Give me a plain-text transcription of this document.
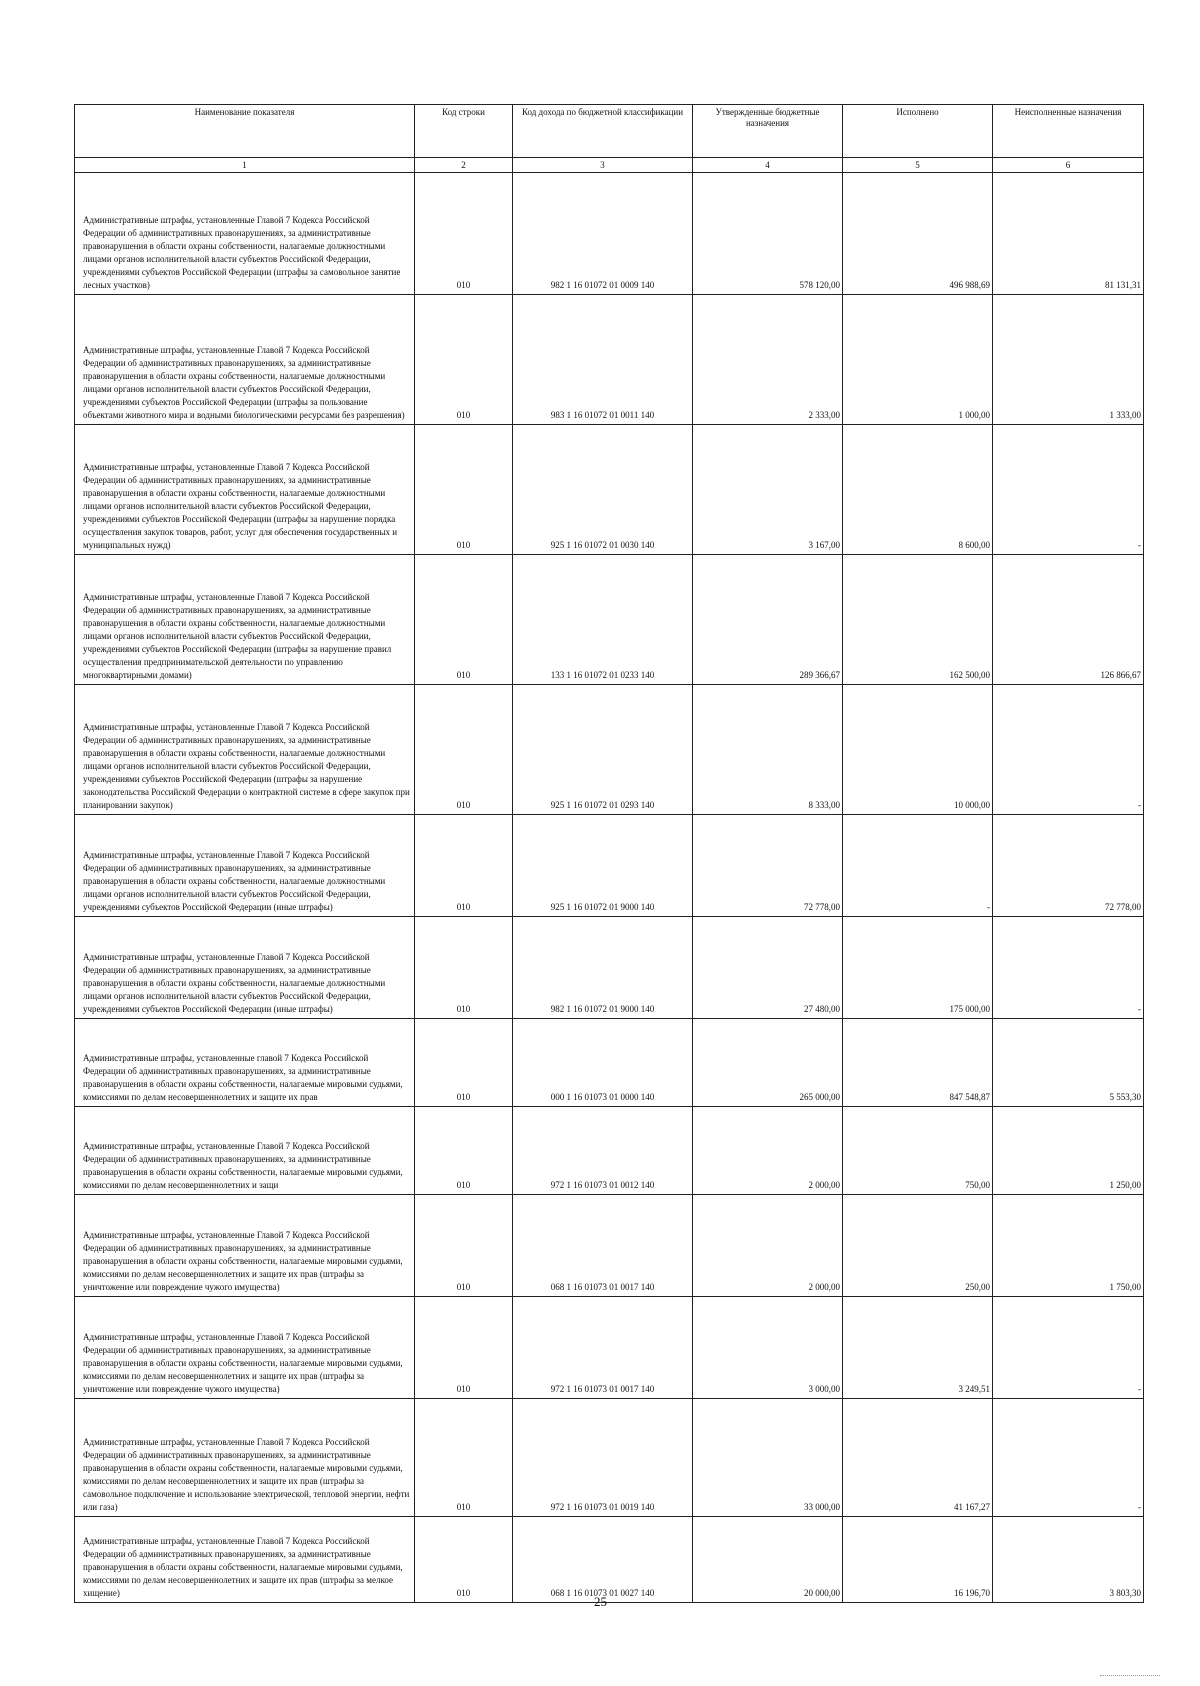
Наименование показателя	Код строки	Код дохода по бюджетной классификации	Утвержденные бюджетные назначения	Исполнено	Неисполненные назначения
1	2	3	4	5	6
Административные штрафы, установленные Главой 7 Кодекса Российской Федерации об административных правонарушениях, за административные правонарушения в области охраны собственности, налагаемые должностными лицами органов исполнительной власти субъектов Российской Федерации, учреждениями субъектов Российской Федерации (штрафы за самовольное занятие лесных участков)	010	982 1 16 01072 01 0009 140	578 120,00	496 988,69	81 131,31
Административные штрафы, установленные Главой 7 Кодекса Российской Федерации об административных правонарушениях, за административные правонарушения в области охраны собственности, налагаемые должностными лицами органов исполнительной власти субъектов Российской Федерации, учреждениями субъектов Российской Федерации (штрафы за пользование объектами животного мира и водными биологическими ресурсами без разрешения)	010	983 1 16 01072 01 0011 140	2 333,00	1 000,00	1 333,00
Административные штрафы, установленные Главой 7 Кодекса Российской Федерации об административных правонарушениях, за административные правонарушения в области охраны собственности, налагаемые должностными лицами органов исполнительной власти субъектов Российской Федерации, учреждениями субъектов Российской Федерации (штрафы за нарушение порядка осуществления закупок товаров, работ, услуг для обеспечения государственных и муниципальных нужд)	010	925 1 16 01072 01 0030 140	3 167,00	8 600,00	-
Административные штрафы, установленные Главой 7 Кодекса Российской Федерации об административных правонарушениях, за административные правонарушения в области охраны собственности, налагаемые должностными лицами органов исполнительной власти субъектов Российской Федерации, учреждениями субъектов Российской Федерации (штрафы за нарушение правил осуществления предпринимательской деятельности по управлению многоквартирными домами)	010	133 1 16 01072 01 0233 140	289 366,67	162 500,00	126 866,67
Административные штрафы, установленные Главой 7 Кодекса Российской Федерации об административных правонарушениях, за административные правонарушения в области охраны собственности, налагаемые должностными лицами органов исполнительной власти субъектов Российской Федерации, учреждениями субъектов Российской Федерации (штрафы за нарушение законодательства Российской Федерации о контрактной системе в сфере закупок при планировании закупок)	010	925 1 16 01072 01 0293 140	8 333,00	10 000,00	-
Административные штрафы, установленные Главой 7 Кодекса Российской Федерации об административных правонарушениях, за административные правонарушения в области охраны собственности, налагаемые должностными лицами органов исполнительной власти субъектов Российской Федерации, учреждениями субъектов Российской Федерации (иные штрафы)	010	925 1 16 01072 01 9000 140	72 778,00	-	72 778,00
Административные штрафы, установленные Главой 7 Кодекса Российской Федерации об административных правонарушениях, за административные правонарушения в области охраны собственности, налагаемые должностными лицами органов исполнительной власти субъектов Российской Федерации, учреждениями субъектов Российской Федерации (иные штрафы)	010	982 1 16 01072 01 9000 140	27 480,00	175 000,00	-
Административные штрафы, установленные главой 7 Кодекса Российской Федерации об административных правонарушениях, за административные правонарушения в области охраны собственности, налагаемые мировыми судьями, комиссиями по делам несовершеннолетних и защите их прав	010	000 1 16 01073 01 0000 140	265 000,00	847 548,87	5 553,30
Административные штрафы, установленные Главой 7 Кодекса Российской Федерации об административных правонарушениях, за административные правонарушения в области охраны собственности, налагаемые мировыми судьями, комиссиями по делам несовершеннолетних и защи	010	972 1 16 01073 01 0012 140	2 000,00	750,00	1 250,00
Административные штрафы, установленные Главой 7 Кодекса Российской Федерации об административных правонарушениях, за административные правонарушения в области охраны собственности, налагаемые мировыми судьями, комиссиями по делам несовершеннолетних и защите их прав (штрафы за уничтожение или повреждение чужого имущества)	010	068 1 16 01073 01 0017 140	2 000,00	250,00	1 750,00
Административные штрафы, установленные Главой 7 Кодекса Российской Федерации об административных правонарушениях, за административные правонарушения в области охраны собственности, налагаемые мировыми судьями, комиссиями по делам несовершеннолетних и защите их прав (штрафы за уничтожение или повреждение чужого имущества)	010	972 1 16 01073 01 0017 140	3 000,00	3 249,51	-
Административные штрафы, установленные Главой 7 Кодекса Российской Федерации об административных правонарушениях, за административные правонарушения в области охраны собственности, налагаемые мировыми судьями, комиссиями по делам несовершеннолетних и защите их прав (штрафы за самовольное подключение и использование электрической, тепловой энергии, нефти или газа)	010	972 1 16 01073 01 0019 140	33 000,00	41 167,27	-
Административные штрафы, установленные Главой 7 Кодекса Российской Федерации об административных правонарушениях, за административные правонарушения в области охраны собственности, налагаемые мировыми судьями, комиссиями по делам несовершеннолетних и защите их прав (штрафы за мелкое хищение)	010	068 1 16 01073 01 0027 140	20 000,00	16 196,70	3 803,30
25
